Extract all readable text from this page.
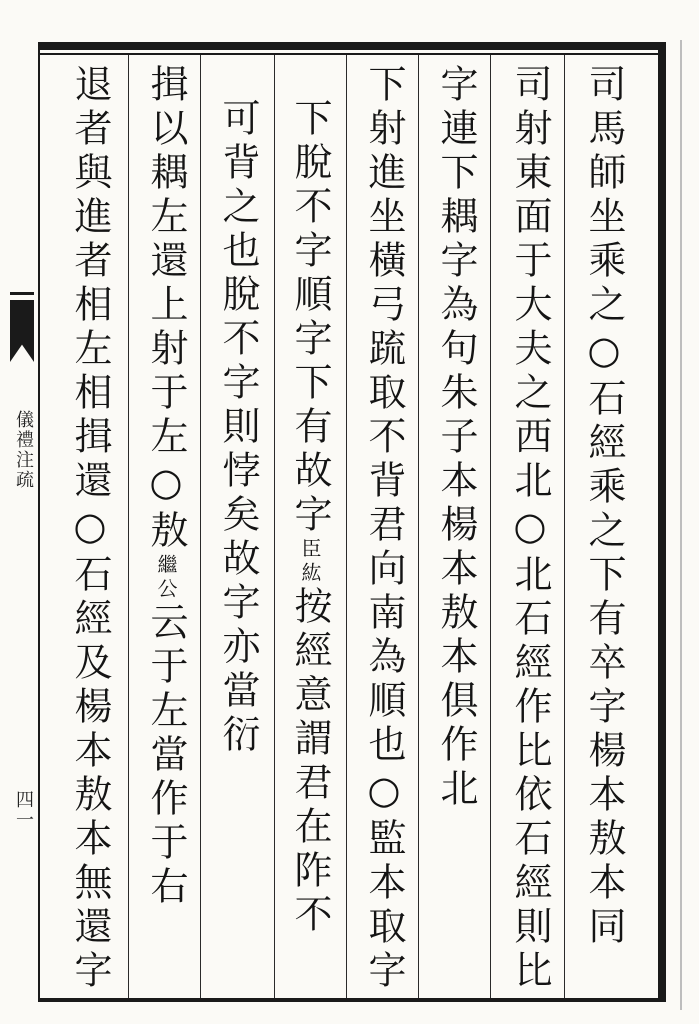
儀禮注疏
四一	司馬師坐乘之○石經乘之下有卒字楊本敖本同
司射東面于大夫之西北○北石經作比依石經則比
字連下耦字為句朱子本楊本敖本俱作北
下射進坐橫弓䟽取不背君向南為順也○監本取字
下脫不字順字下有故字臣紘按經意謂君在阼不
可背之也脫不字則悖矣故字亦當衍
揖以耦左還上射于左○敖繼公云于左當作于右
退者與進者相左相揖還○石經及楊本敖本無還字
